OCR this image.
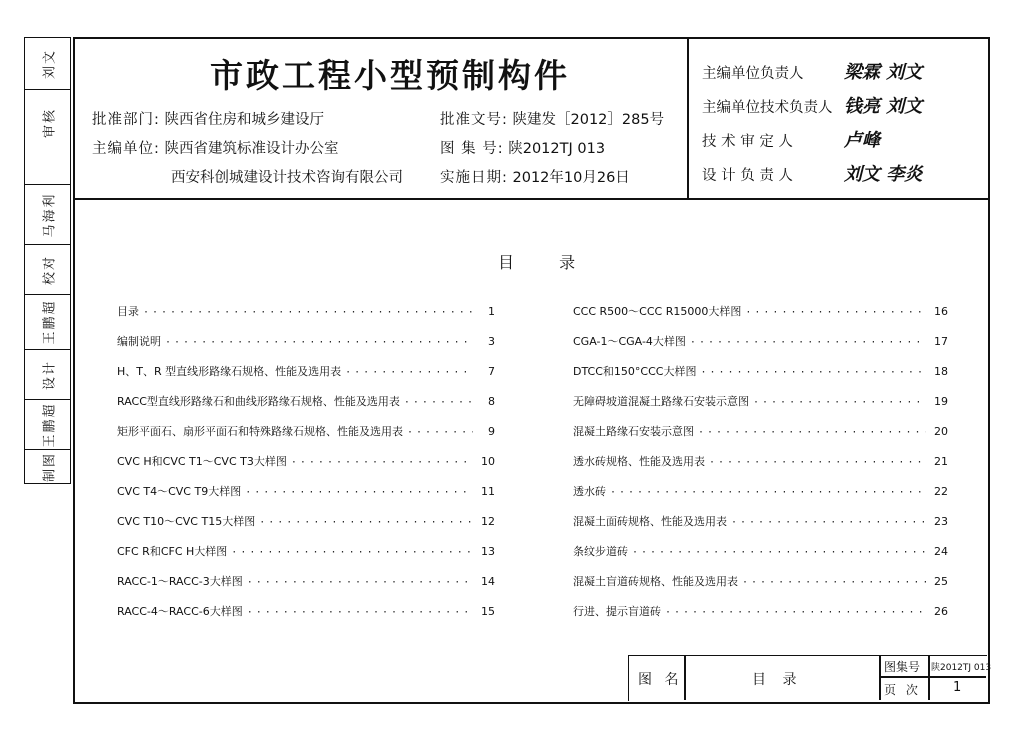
刘文
审核
马海利
校对
王鹏超
设计
王鹏超
制图
市政工程小型预制构件
批准部门: 陕西省住房和城乡建设厅
主编单位: 陕西省建筑标准设计办公室
西安科创城建设计技术咨询有限公司
批准文号: 陕建发［2012］285号
图 集 号: 陕2012TJ 013
实施日期: 2012年10月26日
主编单位负责人 梁霖 刘文
主编单位技术负责人 钱亮 刘文
技 术 审 定 人	卢峰
设 计 负 责 人	刘文 李炎
目 录
目录 ·····	1
编制说明 ·····	3
H、T、R 型直线形路缘石规格、性能及选用表 ·····	7
RACC型直线形路缘石和曲线形路缘石规格、性能及选用表 ·····	8
矩形平面石、扇形平面石和特殊路缘石规格、性能及选用表 ·····	9
CVC H和CVC T1～CVC T3大样图 ·····	10
CVC T4～CVC T9大样图 ·····	11
CVC T10～CVC T15大样图 ·····	12
CFC R和CFC H大样图 ·····	13
RACC-1～RACC-3大样图 ·····	14
RACC-4～RACC-6大样图 ·····	15
CCC R500～CCC R15000大样图 ·····	16
CGA-1～CGA-4大样图 ·····	17
DTCC和150°CCC大样图 ·····	18
无障碍坡道混凝土路缘石安装示意图 ·····	19
混凝土路缘石安装示意图 ·····	20
透水砖规格、性能及选用表 ·····	21
透水砖 ·····	22
混凝土面砖规格、性能及选用表 ·····	23
条纹步道砖 ·····	24
混凝土盲道砖规格、性能及选用表 ·····	25
行进、提示盲道砖 ·····	26
图 名	目 录
图集号 陕2012TJ 013
页 次 1
